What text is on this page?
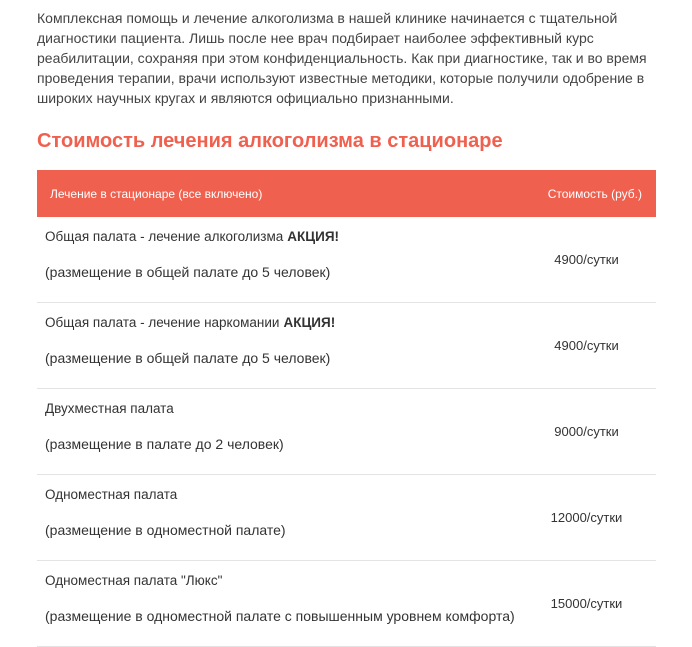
Комплексная помощь и лечение алкоголизма в нашей клинике начинается с тщательной диагностики пациента. Лишь после нее врач подбирает наиболее эффективный курс реабилитации, сохраняя при этом конфиденциальность. Как при диагностике, так и во время проведения терапии, врачи используют известные методики, которые получили одобрение в широких научных кругах и являются официально признанными.

Стоимость лечения алкоголизма в стационаре
Лечение в стационаре (все включено)	Стоимость (руб.)

Общая палата - лечение алкоголизма АКЦИЯ!
(размещение в общей палате до 5 человек)	4900/сутки

Общая палата - лечение наркомании АКЦИЯ!
(размещение в общей палате до 5 человек)	4900/сутки

Двухместная палата
(размещение в палате до 2 человек)	9000/сутки

Одноместная палата
(размещение в одноместной палате)	12000/сутки

Одноместная палата "Люкс"
(размещение в одноместной палате с повышенным уровнем комфорта)	15000/сутки
